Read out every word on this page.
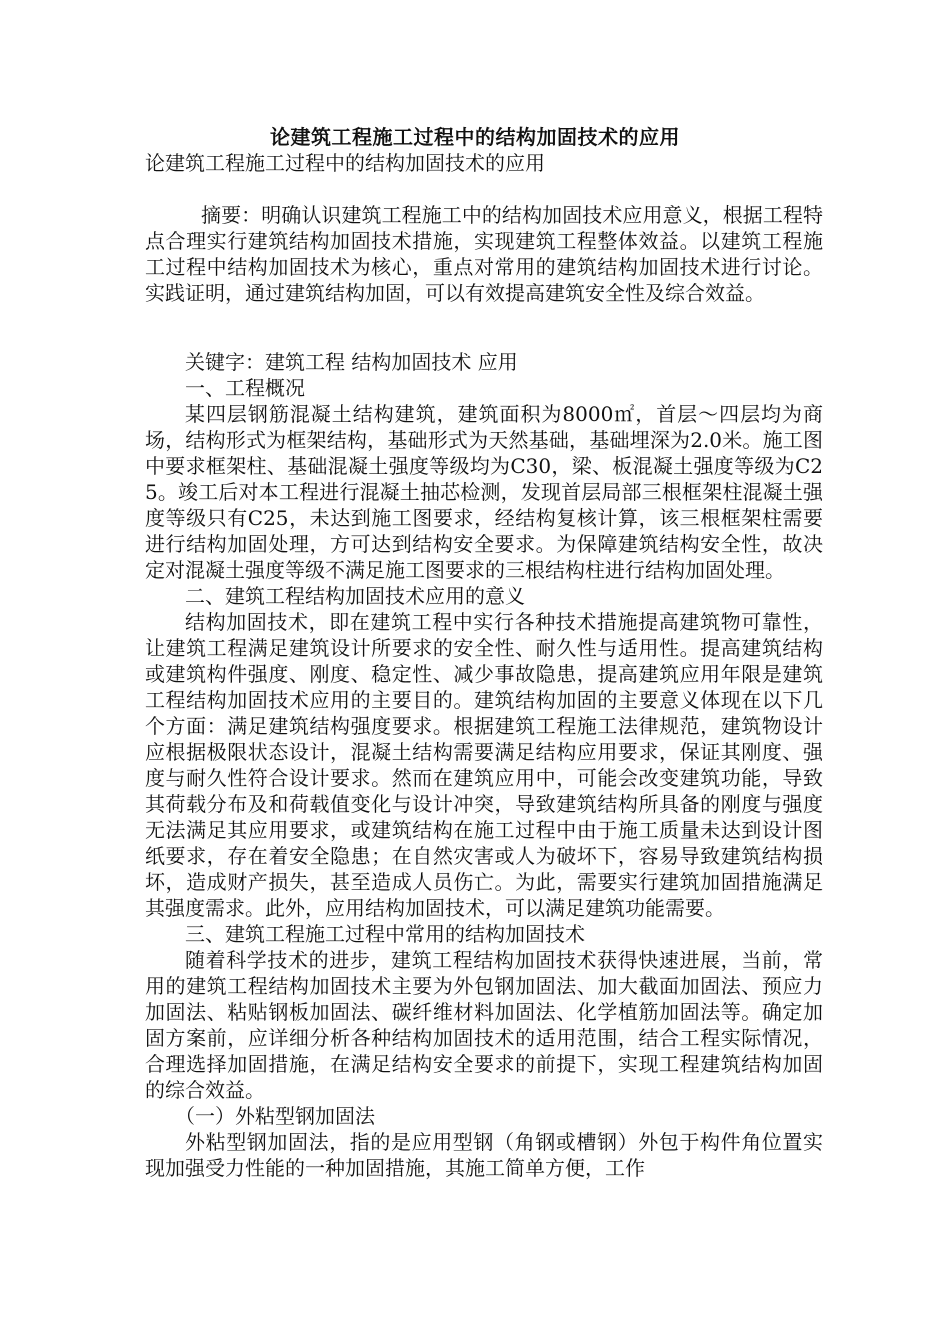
论建筑工程施工过程中的结构加固技术的应用
论建筑工程施工过程中的结构加固技术的应用

摘要：明确认识建筑工程施工中的结构加固技术应用意义，根据工程特点合理实行建筑结构加固技术措施，实现建筑工程整体效益。以建筑工程施工过程中结构加固技术为核心，重点对常用的建筑结构加固技术进行讨论。实践证明，通过建筑结构加固，可以有效提高建筑安全性及综合效益。

关键字：建筑工程 结构加固技术 应用

一、工程概况

某四层钢筋混凝土结构建筑，建筑面积为8000㎡，首层～四层均为商场，结构形式为框架结构，基础形式为天然基础，基础埋深为2.0米。施工图中要求框架柱、基础混凝土强度等级均为C30，梁、板混凝土强度等级为C25。竣工后对本工程进行混凝土抽芯检测，发现首层局部三根框架柱混凝土强度等级只有C25，未达到施工图要求，经结构复核计算，该三根框架柱需要进行结构加固处理，方可达到结构安全要求。为保障建筑结构安全性，故决定对混凝土强度等级不满足施工图要求的三根结构柱进行结构加固处理。

二、建筑工程结构加固技术应用的意义

结构加固技术，即在建筑工程中实行各种技术措施提高建筑物可靠性，让建筑工程满足建筑设计所要求的安全性、耐久性与适用性。提高建筑结构或建筑构件强度、刚度、稳定性、减少事故隐患，提高建筑应用年限是建筑工程结构加固技术应用的主要目的。建筑结构加固的主要意义体现在以下几个方面：满足建筑结构强度要求。根据建筑工程施工法律规范，建筑物设计应根据极限状态设计，混凝土结构需要满足结构应用要求，保证其刚度、强度与耐久性符合设计要求。然而在建筑应用中，可能会改变建筑功能，导致其荷载分布及和荷载值变化与设计冲突，导致建筑结构所具备的刚度与强度无法满足其应用要求，或建筑结构在施工过程中由于施工质量未达到设计图纸要求，存在着安全隐患；在自然灾害或人为破坏下，容易导致建筑结构损坏，造成财产损失，甚至造成人员伤亡。为此，需要实行建筑加固措施满足其强度需求。此外，应用结构加固技术，可以满足建筑功能需要。

三、建筑工程施工过程中常用的结构加固技术

随着科学技术的进步，建筑工程结构加固技术获得快速进展，当前，常用的建筑工程结构加固技术主要为外包钢加固法、加大截面加固法、预应力加固法、粘贴钢板加固法、碳纤维材料加固法、化学植筋加固法等。确定加固方案前，应详细分析各种结构加固技术的适用范围，结合工程实际情况，合理选择加固措施，在满足结构安全要求的前提下，实现工程建筑结构加固的综合效益。

（一）外粘型钢加固法

外粘型钢加固法，指的是应用型钢（角钢或槽钢）外包于构件角位置实现加强受力性能的一种加固措施，其施工简单方便，工作
